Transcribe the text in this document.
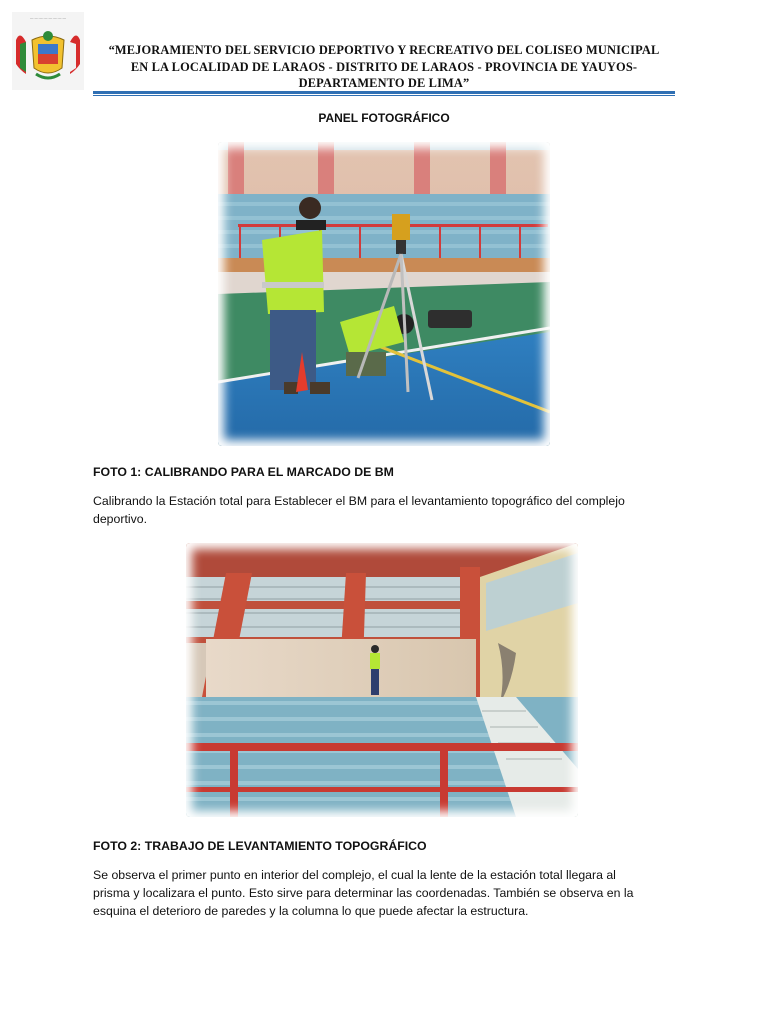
·····························
“MEJORAMIENTO DEL SERVICIO DEPORTIVO Y RECREATIVO DEL COLISEO MUNICIPAL
EN LA LOCALIDAD DE LARAOS - DISTRITO DE LARAOS - PROVINCIA DE YAUYOS-
DEPARTAMENTO DE LIMA”
PANEL FOTOGRÁFICO
FOTO 1: CALIBRANDO PARA EL MARCADO DE BM
Calibrando la Estación total para Establecer el BM para el levantamiento topográfico del complejo
deportivo.
FOTO 2: TRABAJO DE LEVANTAMIENTO TOPOGRÁFICO
Se observa el primer punto en interior del complejo, el cual la lente de la estación total llegara al
prisma y localizara el punto. Esto sirve para determinar las coordenadas. También se observa en la
esquina el deterioro de paredes y la columna lo que puede afectar la estructura.
